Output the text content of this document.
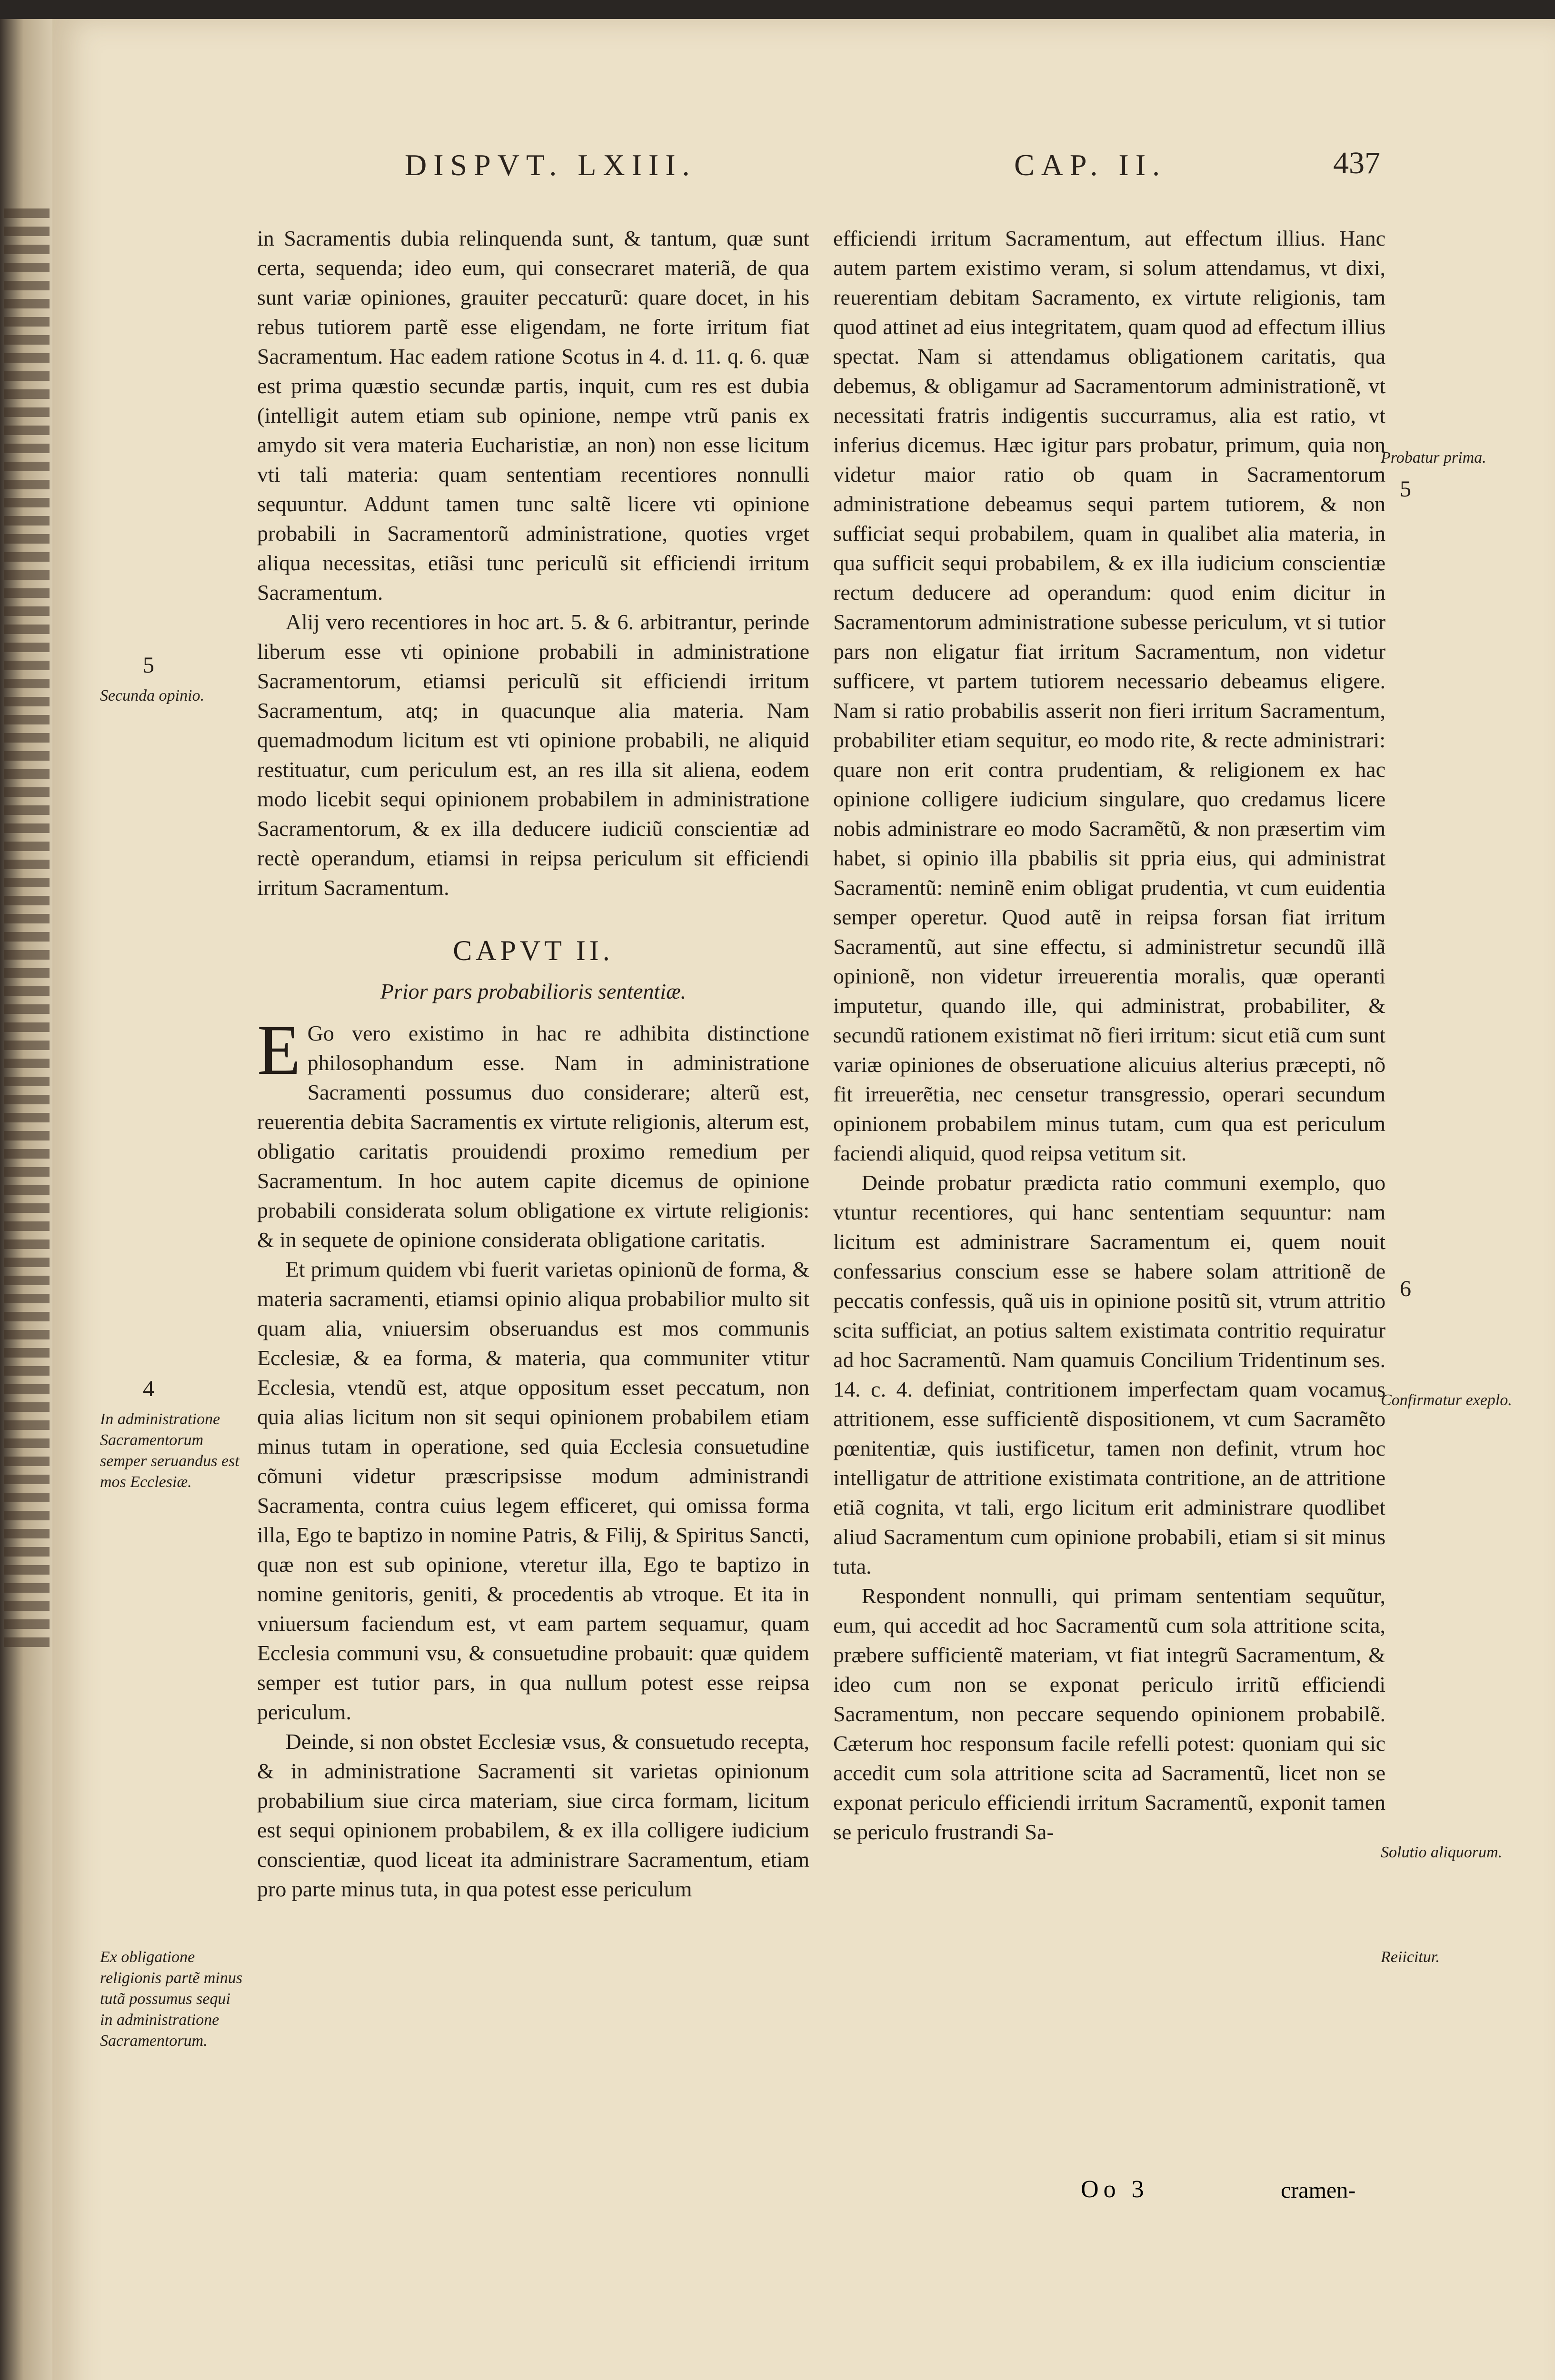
DISPVT. LXIII.	CAP. II.	437

in Sacramentis dubia relinquenda sunt, & tantum, quæ sunt certa, sequenda; ideo eum, qui consecraret materiã, de qua sunt variæ opiniones, grauiter peccaturũ: quare docet, in his rebus tutiorem partẽ esse eligendam, ne forte irritum fiat Sacramentum. Hac eadem ratione Scotus in 4. d. 11. q. 6. quæ est prima quæstio secundæ partis, inquit, cum res est dubia (intelligit autem etiam sub opinione, nempe vtrũ panis ex amydo sit vera materia Eucharistiæ, an non) non esse licitum vti tali materia: quam sententiam recentiores nonnulli sequuntur. Addunt tamen tunc saltẽ licere vti opinione probabili in Sacramentorũ administratione, quoties vrget aliqua necessitas, etiãsi tunc periculũ sit efficiendi irritum Sacramentum.

Alij vero recentiores in hoc art. 5. & 6. arbitrantur, perinde liberum esse vti opinione probabili in administratione Sacramentorum, etiamsi periculũ sit efficiendi irritum Sacramentum, atq; in quacunque alia materia. Nam quemadmodum licitum est vti opinione probabili, ne aliquid restituatur, cum periculum est, an res illa sit aliena, eodem modo licebit sequi opinionem probabilem in administratione Sacramentorum, & ex illa deducere iudiciũ conscientiæ ad rectè operandum, etiamsi in reipsa periculum sit efficiendi irritum Sacramentum.

CAPVT II.
Prior pars probabilioris sententiæ.

E Go vero existimo in hac re adhibita distinctione philosophandum esse. Nam in administratione Sacramenti possumus duo considerare; alterũ est, reuerentia debita Sacramentis ex virtute religionis, alterum est, obligatio caritatis prouidendi proximo remedium per Sacramentum. In hoc autem capite dicemus de opinione probabili considerata solum obligatione ex virtute religionis: & in sequete de opinione considerata obligatione caritatis.

Et primum quidem vbi fuerit varietas opinionũ de forma, & materia sacramenti, etiamsi opinio aliqua probabilior multo sit quam alia, vniuersim obseruandus est mos communis Ecclesiæ, & ea forma, & materia, qua communiter vtitur Ecclesia, vtendũ est, atque oppositum esset peccatum, non quia alias licitum non sit sequi opinionem probabilem etiam minus tutam in operatione, sed quia Ecclesia consuetudine cõmuni videtur præscripsisse modum administrandi Sacramenta, contra cuius legem efficeret, qui omissa forma illa, Ego te baptizo in nomine Patris, & Filij, & Spiritus Sancti, quæ non est sub opinione, vteretur illa, Ego te baptizo in nomine genitoris, geniti, & procedentis ab vtroque. Et ita in vniuersum faciendum est, vt eam partem sequamur, quam Ecclesia communi vsu, & consuetudine probauit: quæ quidem semper est tutior pars, in qua nullum potest esse reipsa periculum.

Deinde, si non obstet Ecclesiæ vsus, & consuetudo recepta, & in administratione Sacramenti sit varietas opinionum probabilium siue circa materiam, siue circa formam, licitum est sequi opinionem probabilem, & ex illa colligere iudicium conscientiæ, quod liceat ita administrare Sacramentum, etiam pro parte minus tuta, in qua potest esse periculum

efficiendi irritum Sacramentum, aut effectum illius. Hanc autem partem existimo veram, si solum attendamus, vt dixi, reuerentiam debitam Sacramento, ex virtute religionis, tam quod attinet ad eius integritatem, quam quod ad effectum illius spectat. Nam si attendamus obligationem caritatis, qua debemus, & obligamur ad Sacramentorum administrationẽ, vt necessitati fratris indigentis succurramus, alia est ratio, vt inferius dicemus. Hæc igitur pars probatur, primum, quia non videtur maior ratio ob quam in Sacramentorum administratione debeamus sequi partem tutiorem, & non sufficiat sequi probabilem, quam in qualibet alia materia, in qua sufficit sequi probabilem, & ex illa iudicium conscientiæ rectum deducere ad operandum: quod enim dicitur in Sacramentorum administratione subesse periculum, vt si tutior pars non eligatur fiat irritum Sacramentum, non videtur sufficere, vt partem tutiorem necessario debeamus eligere. Nam si ratio probabilis asserit non fieri irritum Sacramentum, probabiliter etiam sequitur, eo modo rite, & recte administrari: quare non erit contra prudentiam, & religionem ex hac opinione colligere iudicium singulare, quo credamus licere nobis administrare eo modo Sacramẽtũ, & non præsertim vim habet, si opinio illa pbabilis sit ppria eius, qui administrat Sacramentũ: neminẽ enim obligat prudentia, vt cum euidentia semper operetur. Quod autẽ in reipsa forsan fiat irritum Sacramentũ, aut sine effectu, si administretur secundũ illã opinionẽ, non videtur irreuerentia moralis, quæ operanti imputetur, quando ille, qui administrat, probabiliter, & secundũ rationem existimat nõ fieri irritum: sicut etiã cum sunt variæ opiniones de obseruatione alicuius alterius præcepti, nõ fit irreuerẽtia, nec censetur transgressio, operari secundum opinionem probabilem minus tutam, cum qua est periculum faciendi aliquid, quod reipsa vetitum sit.

Deinde probatur prædicta ratio communi exemplo, quo vtuntur recentiores, qui hanc sententiam sequuntur: nam licitum est administrare Sacramentum ei, quem nouit confessarius conscium esse se habere solam attritionẽ de peccatis confessis, quã uis in opinione positũ sit, vtrum attritio scita sufficiat, an potius saltem existimata contritio requiratur ad hoc Sacramentũ. Nam quamuis Concilium Tridentinum ses. 14. c. 4. definiat, contritionem imperfectam quam vocamus attritionem, esse sufficientẽ dispositionem, vt cum Sacramẽto pœnitentiæ, quis iustificetur, tamen non definit, vtrum hoc intelligatur de attritione existimata contritione, an de attritione etiã cognita, vt tali, ergo licitum erit administrare quodlibet aliud Sacramentum cum opinione probabili, etiam si sit minus tuta.

Respondent nonnulli, qui primam sententiam sequũtur, eum, qui accedit ad hoc Sacramentũ cum sola attritione scita, præbere sufficientẽ materiam, vt fiat integrũ Sacramentum, & ideo cum non se exponat periculo irritũ efficiendi Sacramentum, non peccare sequendo opinionem probabilẽ. Cæterum hoc responsum facile refelli potest: quoniam qui sic accedit cum sola attritione scita ad Sacramentũ, licet non se exponat periculo efficiendi irritum Sacramentũ, exponit tamen se periculo frustrandi Sa-

5
Secunda opinio.
4
In administratione Sacramentorum semper seruandus est mos Ecclesiæ.
Ex obligatione religionis partẽ minus tutã possumus sequi in administratione Sacramentorum.
Probatur prima.
5
6
Confirmatur exeplo.
Solutio aliquorum.
Reiicitur.
Oo 3	cramen-
